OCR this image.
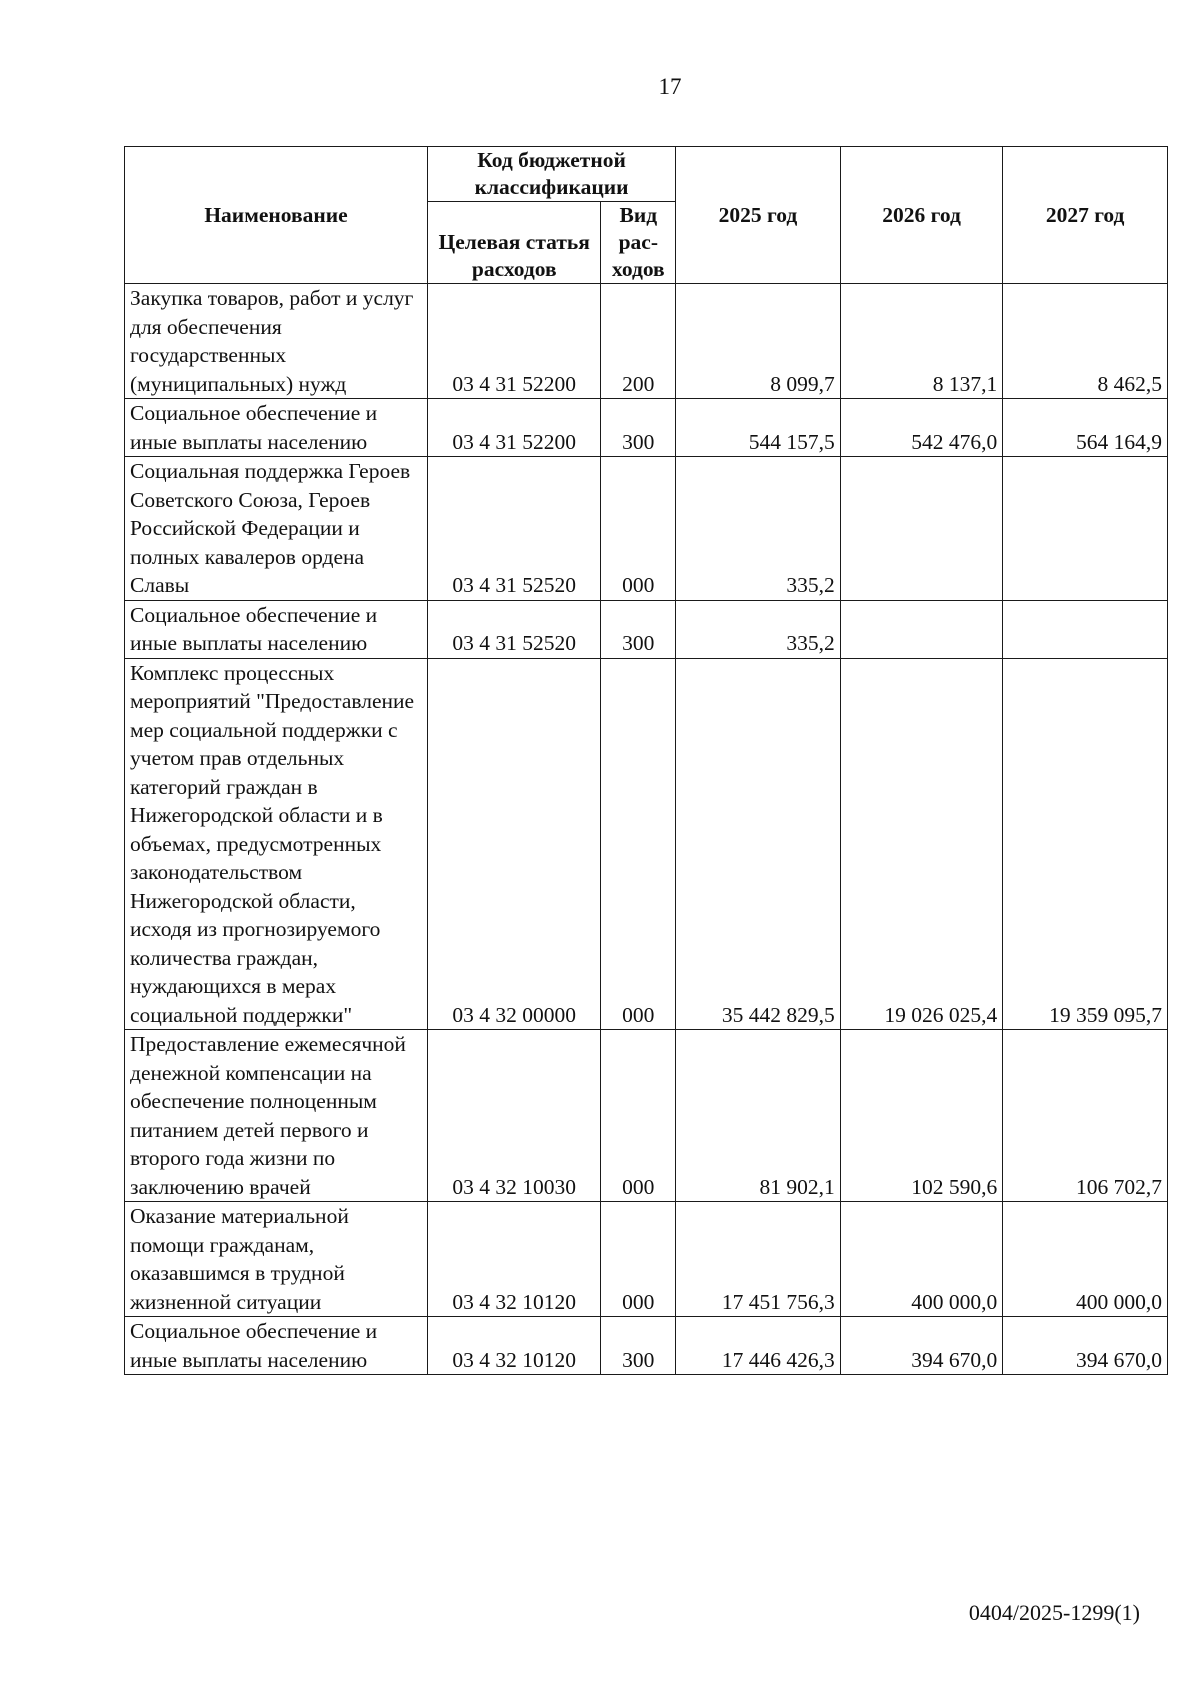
17
Наименование	Код бюджетной классификации		2025 год	2026 год	2027 год
	Целевая статья расходов	Вид рас-ходов			
Закупка товаров, работ и услуг для обеспечения государственных (муниципальных) нужд	03 4 31 52200	200	8 099,7	8 137,1	8 462,5
Социальное обеспечение и иные выплаты населению	03 4 31 52200	300	544 157,5	542 476,0	564 164,9
Социальная поддержка Героев Советского Союза, Героев Российской Федерации и полных кавалеров ордена Славы	03 4 31 52520	000	335,2		
Социальное обеспечение и иные выплаты населению	03 4 31 52520	300	335,2		
Комплекс процессных мероприятий "Предоставление мер социальной поддержки с учетом прав отдельных категорий граждан в Нижегородской области и в объемах, предусмотренных законодательством Нижегородской области, исходя из прогнозируемого количества граждан, нуждающихся в мерах социальной поддержки"	03 4 32 00000	000	35 442 829,5	19 026 025,4	19 359 095,7
Предоставление ежемесячной денежной компенсации на обеспечение полноценным питанием детей первого и второго года жизни по заключению врачей	03 4 32 10030	000	81 902,1	102 590,6	106 702,7
Оказание материальной помощи гражданам, оказавшимся в трудной жизненной ситуации	03 4 32 10120	000	17 451 756,3	400 000,0	400 000,0
Социальное обеспечение и иные выплаты населению	03 4 32 10120	300	17 446 426,3	394 670,0	394 670,0
0404/2025-1299(1)
